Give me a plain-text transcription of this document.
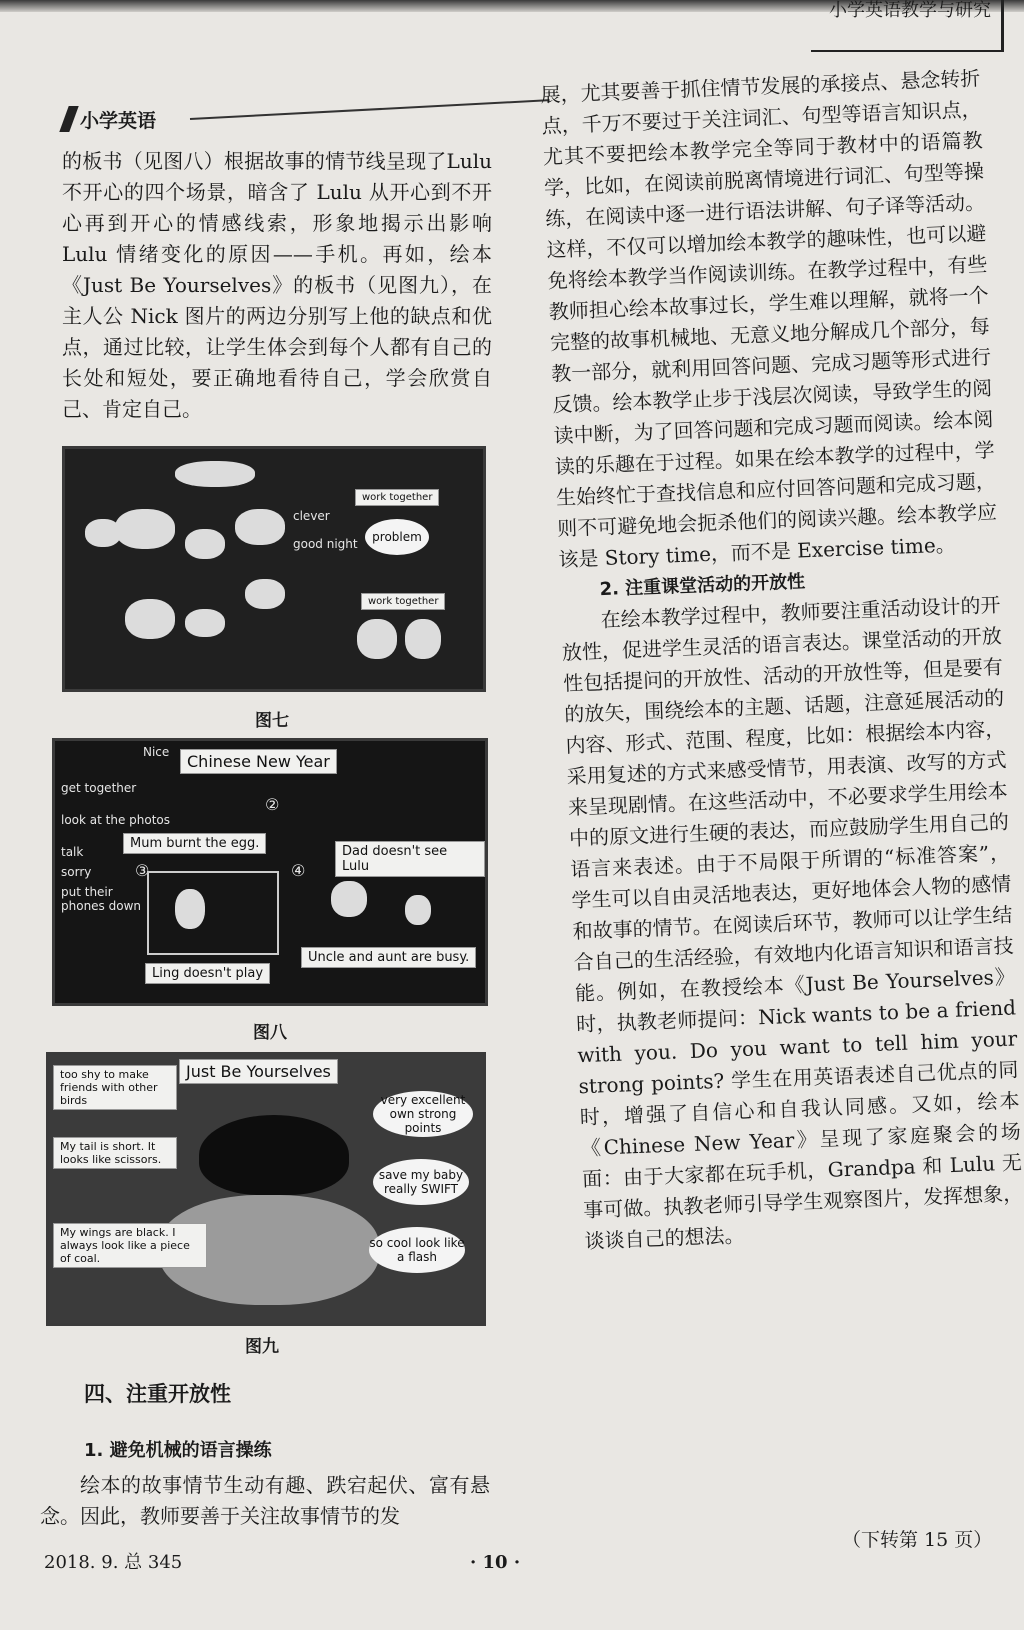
小学英语教学与研究
小学英语

的板书（见图八）根据故事的情节线呈现了Lulu 不开心的四个场景，暗含了 Lulu 从开心到不开心再到开心的情感线索，形象地揭示出影响 Lulu 情绪变化的原因——手机。再如，绘本《Just Be Yourselves》的板书（见图九），在主人公 Nick 图片的两边分别写上他的缺点和优点，通过比较，让学生体会到每个人都有自己的长处和短处，要正确地看待自己，学会欣赏自己、肯定自己。

clever
good night
work together
problem
work together
图七
Nice	Chinese New Year
get together
look at the photos
talk
sorry
put their phones down
②
③	④
Mum burnt the egg.
Dad doesn't see Lulu
Ling doesn't play
Uncle and aunt are busy.
图八
Just Be Yourselves
too shy to make friends with other birds
My tail is short. It looks like scissors.
My wings are black. I always look like a piece of coal.
very excellent own strong points
save my baby really SWIFT
so cool look like a flash
图九
四、注重开放性
1. 避免机械的语言操练

绘本的故事情节生动有趣、跌宕起伏、富有悬念。因此，教师要善于关注故事情节的发

展，尤其要善于抓住情节发展的承接点、悬念转折点，千万不要过于关注词汇、句型等语言知识点，尤其不要把绘本教学完全等同于教材中的语篇教学，比如，在阅读前脱离情境进行词汇、句型等操练，在阅读中逐一进行语法讲解、句子译等活动。这样，不仅可以增加绘本教学的趣味性，也可以避免将绘本教学当作阅读训练。在教学过程中，有些教师担心绘本故事过长，学生难以理解，就将一个完整的故事机械地、无意义地分解成几个部分，每教一部分，就利用回答问题、完成习题等形式进行反馈。绘本教学止步于浅层次阅读，导致学生的阅读中断，为了回答问题和完成习题而阅读。绘本阅读的乐趣在于过程。如果在绘本教学的过程中，学生始终忙于查找信息和应付回答问题和完成习题，则不可避免地会扼杀他们的阅读兴趣。绘本教学应该是 Story time，而不是 Exercise time。

2. 注重课堂活动的开放性

在绘本教学过程中，教师要注重活动设计的开放性，促进学生灵活的语言表达。课堂活动的开放性包括提问的开放性、活动的开放性等，但是要有的放矢，围绕绘本的主题、话题，注意延展活动的内容、形式、范围、程度，比如：根据绘本内容，采用复述的方式来感受情节，用表演、改写的方式来呈现剧情。在这些活动中，不必要求学生用绘本中的原文进行生硬的表达，而应鼓励学生用自己的语言来表述。由于不局限于所谓的“标准答案”，学生可以自由灵活地表达，更好地体会人物的感情和故事的情节。在阅读后环节，教师可以让学生结合自己的生活经验，有效地内化语言知识和语言技能。例如，在教授绘本《Just Be Yourselves》时，执教老师提问：Nick wants to be a friend with you. Do you want to tell him your strong points? 学生在用英语表述自己优点的同时，增强了自信心和自我认同感。又如，绘本《Chinese New Year》呈现了家庭聚会的场面：由于大家都在玩手机，Grandpa 和 Lulu 无事可做。执教老师引导学生观察图片，发挥想象，谈谈自己的想法。

2018. 9. 总 345	· 10 ·
（下转第 15 页）
